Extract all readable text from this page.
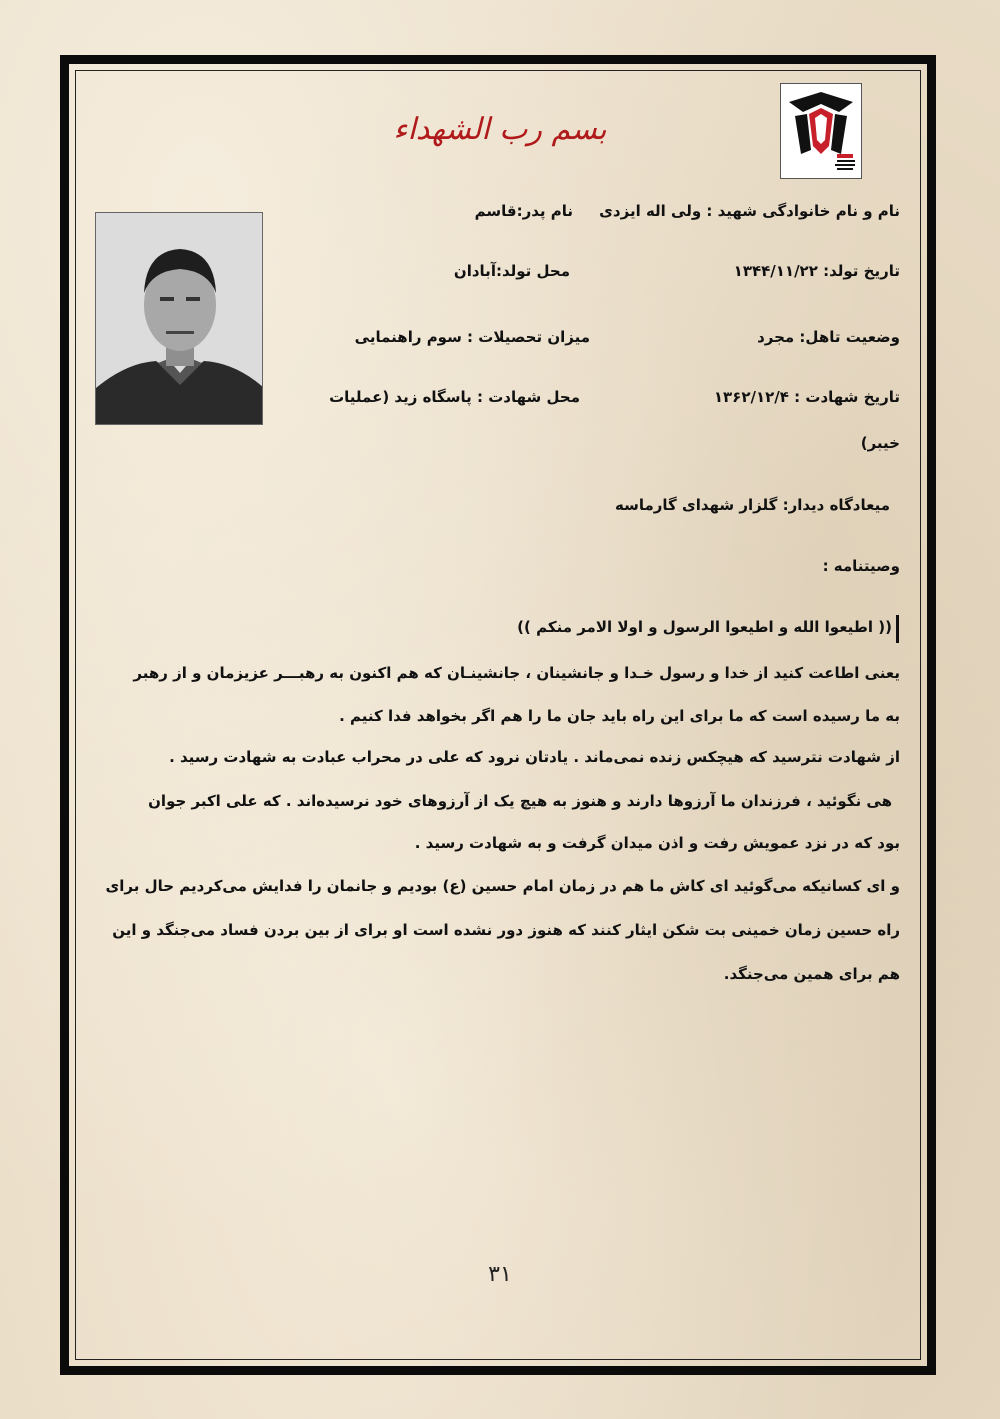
بسم رب الشهداء
نام و نام خانوادگی شهید : ولی اله ایزدی     نام پدر:قاسم
تاریخ تولد: ۱۳۴۴/۱۱/۲۲
محل تولد:آبادان
وضعیت تاهل: مجرد
میزان تحصیلات : سوم راهنمایی
تاریخ شهادت : ۱۳۶۲/۱۲/۴
محل شهادت : پاسگاه زید (عملیات
خیبر)
میعادگاه دیدار: گلزار شهدای گارماسه
وصیتنامه :
(( اطیعوا الله و اطیعوا الرسول و اولا الامر منکم ))
یعنی اطاعت کنید از خدا و رسول خـدا و جانشینان ، جانشینـان که هم اکنون به رهبـــر عزیزمان و از رهبر
به ما رسیده است که ما برای این راه باید جان ما را هم اگر بخواهد فدا کنیم .
از شهادت نترسید که هیچکس زنده نمی‌ماند . یادتان نرود که علی در محراب عبادت به شهادت رسید .
هی نگوئید ، فرزندان ما آرزوها دارند و هنوز به هیچ یک از آرزوهای خود نرسیده‌اند . که علی اکبر جوان
بود که در نزد عمویش رفت و اذن میدان گرفت و به شهادت رسید .
و ای کسانیکه می‌گوئید ای کاش ما هم در زمان امام حسین (ع) بودیم و جانمان را فدایش می‌کردیم حال برای
راه حسین زمان خمینی بت شکن ایثار کنند که هنوز دور نشده است او برای از بین بردن فساد می‌جنگد و این
هم برای همین می‌جنگد.
۳۱
